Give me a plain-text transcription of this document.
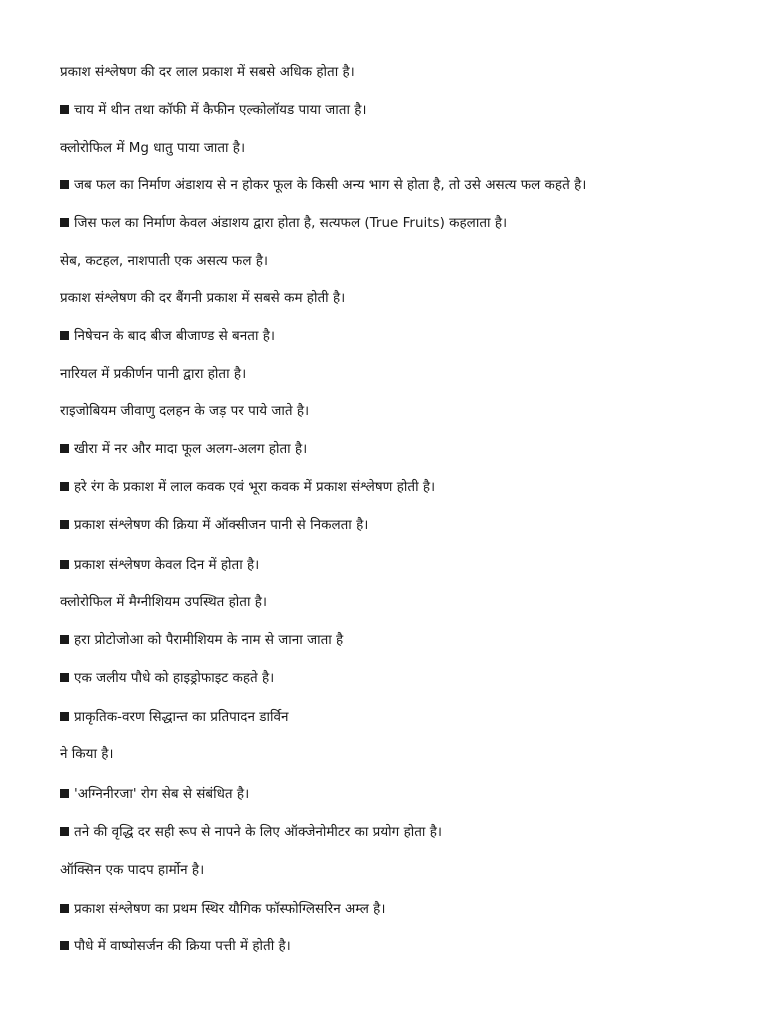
प्रकाश संश्लेषण की दर लाल प्रकाश में सबसे अधिक होता है।
चाय में थीन तथा कॉफी में कैफीन एल्कोलॉयड पाया जाता है।
क्लोरोफिल में Mg धातु पाया जाता है।
जब फल का निर्माण अंडाशय से न होकर फूल के किसी अन्य भाग से होता है, तो उसे असत्य फल कहते है।
जिस फल का निर्माण केवल अंडाशय द्वारा होता है, सत्यफल (True Fruits) कहलाता है।
सेब, कटहल, नाशपाती एक असत्य फल है।
प्रकाश संश्लेषण की दर बैंगनी प्रकाश में सबसे कम होती है।
निषेचन के बाद बीज बीजाण्ड से बनता है।
नारियल में प्रकीर्णन पानी द्वारा होता है।
राइजोबियम जीवाणु दलहन के जड़ पर पाये जाते है।
खीरा में नर और मादा फूल अलग-अलग होता है।
हरे रंग के प्रकाश में लाल कवक एवं भूरा कवक में प्रकाश संश्लेषण होती है।
प्रकाश संश्लेषण की क्रिया में ऑक्सीजन पानी से निकलता है।
प्रकाश संश्लेषण केवल दिन में होता है।
क्लोरोफिल में मैग्नीशियम उपस्थित होता है।
हरा प्रोटोजोआ को पैरामीशियम के नाम से जाना जाता है
एक जलीय पौधे को हाइड्रोफाइट कहते है।
प्राकृतिक-वरण सिद्धान्त का प्रतिपादन डार्विन
ने किया है।
'अग्निनीरजा' रोग सेब से संबंधित है।
तने की वृद्धि दर सही रूप से नापने के लिए ऑक्जेनोमीटर का प्रयोग होता है।
ऑक्सिन एक पादप हार्मोन है।
प्रकाश संश्लेषण का प्रथम स्थिर यौगिक फॉस्फोग्लिसरिन अम्ल है।
पौधे में वाष्पोसर्जन की क्रिया पत्ती में होती है।
